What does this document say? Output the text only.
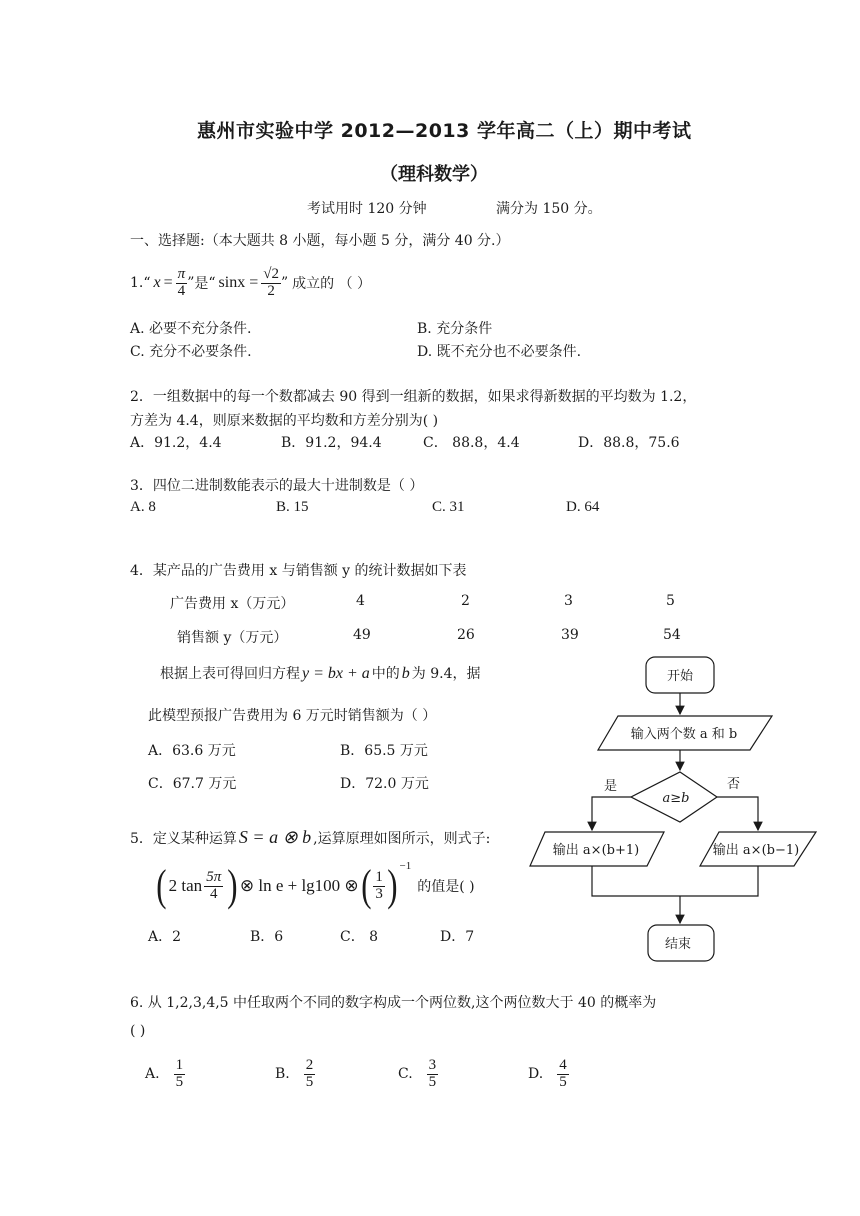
惠州市实验中学 2012—2013 学年高二（上）期中考试
（理科数学）
考试用时 120 分钟	满分为 150 分。
一、选择题:（本大题共 8 小题，每小题 5 分，满分 40 分.）
1. “ $x = \frac{\pi}{4}$ ” 是 “ $\sin x = \frac{√2}{2}$ ” 成立的 （ ）
A. 必要不充分条件.	B. 充分条件
C. 充分不必要条件.	D. 既不充分也不必要条件.
2．一组数据中的每一个数都减去 90 得到一组新的数据，如果求得新数据的平均数为 1.2，
方差为 4.4，则原来数据的平均数和方差分别为( )
A．91.2，4.4	B．91.2，94.4	C． 88.8，4.4	D．88.8，75.6
3．四位二进制数能表示的最大十进制数是（ ）
A. 8	B. 15	C. 31	D. 64
4．某产品的广告费用 x 与销售额 y 的统计数据如下表
广告费用 x（万元）	4	2	3	5
销售额 y（万元）	49	26	39	54
根据上表可得回归方程 y = bx + a 中的 b 为 9.4，据
此模型预报广告费用为 6 万元时销售额为（ ）
A．63.6 万元	B．65.5 万元
C．67.7 万元	D．72.0 万元
5．定义某种运算 S = a ⊗ b ,运算原理如图所示，则式子:
( 2 $\tan \frac{5\pi}{4}$ ) ⊗ ln e + lg100 ⊗ ( $\frac{1}{3}$ ) −1
的值是( )
A．2	B．6	C． 8	D．7
开始
输入两个数 a 和 b
a≥b
是	否
输出 a×(b+1)	输出 a×(b−1)
结束
6. 从 1,2,3,4,5 中任取两个不同的数字构成一个两位数,这个两位数大于 40 的概率为
( )
A. $\frac{1}{5}$	B. $\frac{2}{5}$	C. $\frac{3}{5}$	D. $\frac{4}{5}$
